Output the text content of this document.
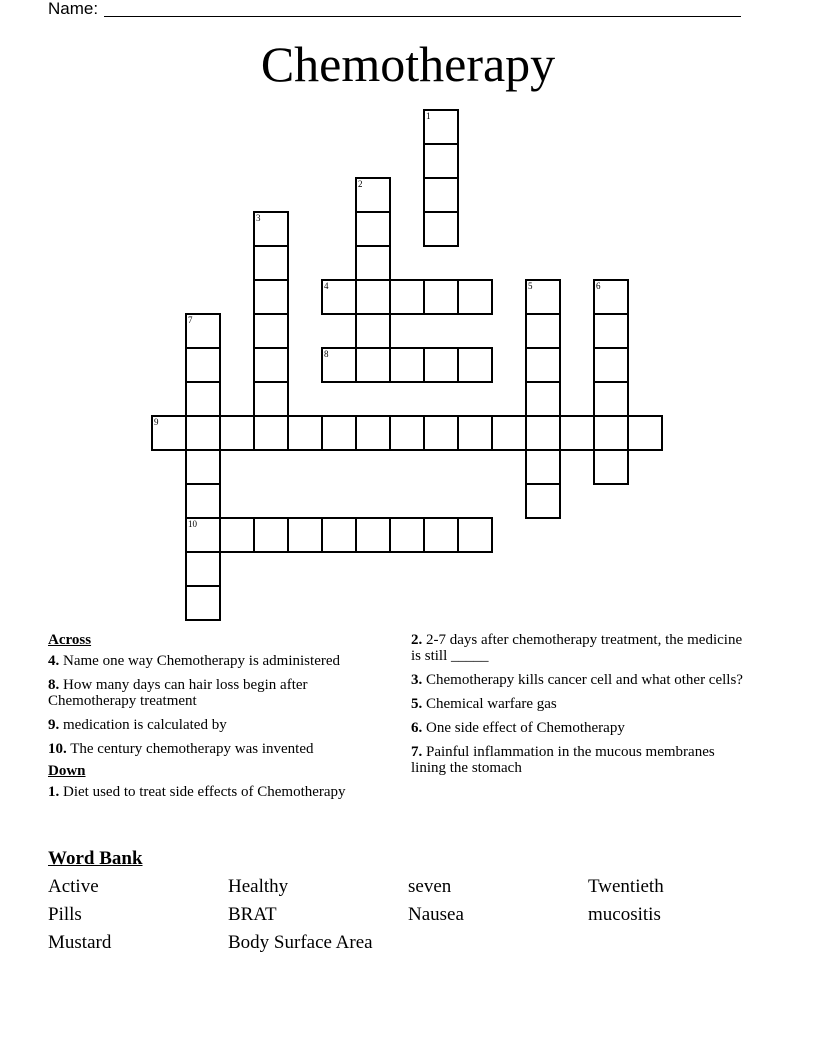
Name:
Chemotherapy
1
2
3
4	5	6
7
8
9
10
Across
4. Name one way Chemotherapy is administered
8. How many days can hair loss begin after Chemotherapy treatment
9. medication is calculated by
10. The century chemotherapy was invented
Down
1. Diet used to treat side effects of Chemotherapy
2. 2-7 days after chemotherapy treatment, the medicine is still _____
3. Chemotherapy kills cancer cell and what other cells?
5. Chemical warfare gas
6. One side effect of Chemotherapy
7. Painful inflammation in the mucous membranes lining the stomach
Word Bank
Active	Healthy	seven	Twentieth
Pills	BRAT	Nausea	mucositis
Mustard	Body Surface Area
